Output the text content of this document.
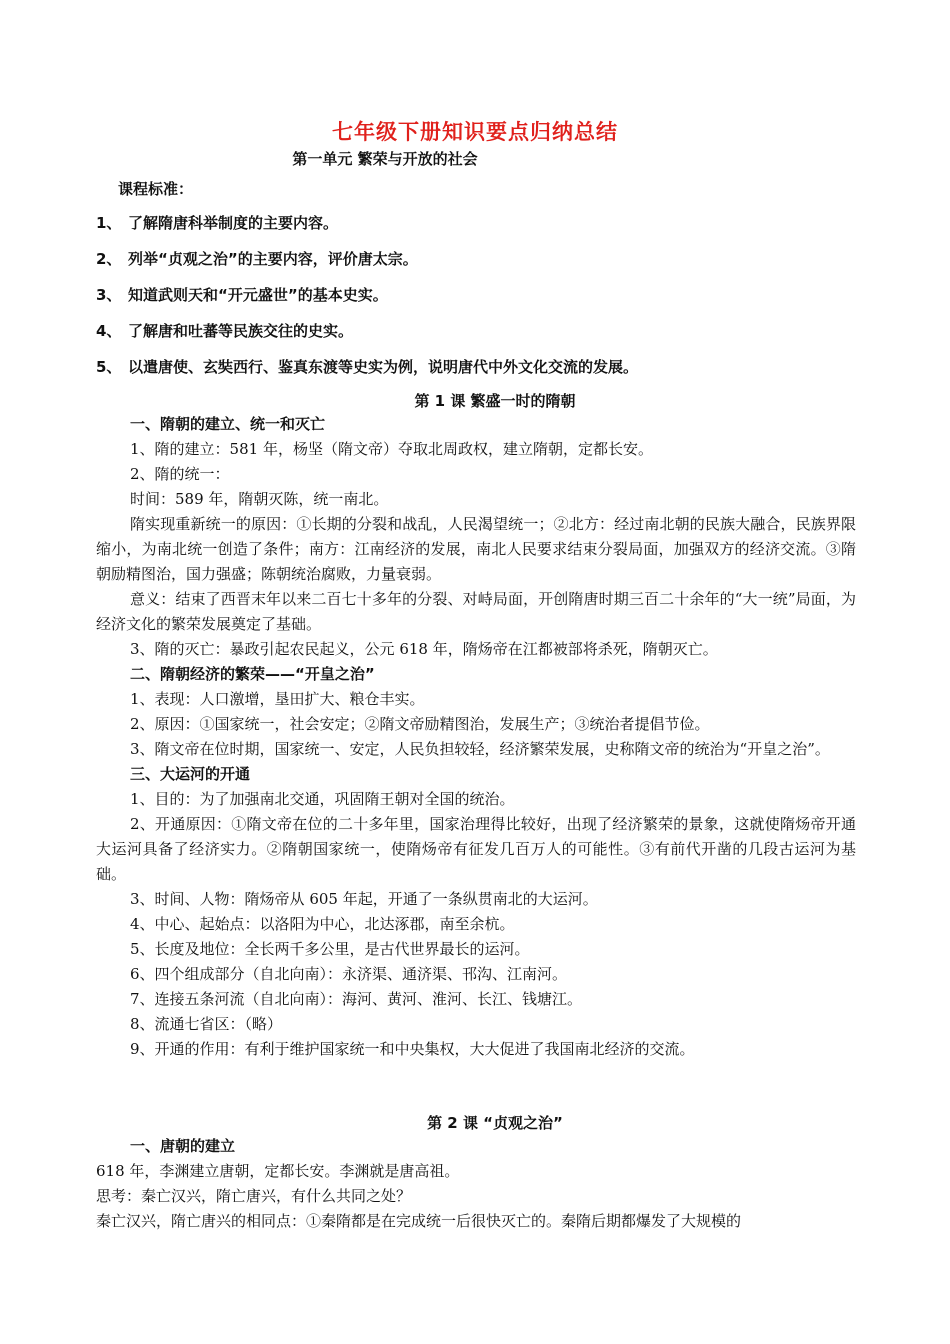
七年级下册知识要点归纳总结
第一单元 繁荣与开放的社会
课程标准：
1、 了解隋唐科举制度的主要内容。
2、 列举“贞观之治”的主要内容，评价唐太宗。
3、 知道武则天和“开元盛世”的基本史实。
4、 了解唐和吐蕃等民族交往的史实。
5、 以遣唐使、玄奘西行、鉴真东渡等史实为例，说明唐代中外文化交流的发展。
第 1 课 繁盛一时的隋朝

一、隋朝的建立、统一和灭亡

1、隋的建立：581 年，杨坚（隋文帝）夺取北周政权，建立隋朝，定都长安。

2、隋的统一：

时间：589 年，隋朝灭陈，统一南北。

隋实现重新统一的原因：①长期的分裂和战乱，人民渴望统一；②北方：经过南北朝的民族大融合，民族界限缩小，为南北统一创造了条件；南方：江南经济的发展，南北人民要求结束分裂局面，加强双方的经济交流。③隋朝励精图治，国力强盛；陈朝统治腐败，力量衰弱。

意义：结束了西晋末年以来二百七十多年的分裂、对峙局面，开创隋唐时期三百二十余年的“大一统”局面，为经济文化的繁荣发展奠定了基础。

3、隋的灭亡：暴政引起农民起义，公元 618 年，隋炀帝在江都被部将杀死，隋朝灭亡。

二、隋朝经济的繁荣——“开皇之治”

1、表现：人口激增，垦田扩大、粮仓丰实。

2、原因：①国家统一，社会安定；②隋文帝励精图治，发展生产；③统治者提倡节俭。

3、隋文帝在位时期，国家统一、安定，人民负担较轻，经济繁荣发展，史称隋文帝的统治为“开皇之治”。

三、大运河的开通

1、目的：为了加强南北交通，巩固隋王朝对全国的统治。

2、开通原因：①隋文帝在位的二十多年里，国家治理得比较好，出现了经济繁荣的景象，这就使隋炀帝开通大运河具备了经济实力。②隋朝国家统一，使隋炀帝有征发几百万人的可能性。③有前代开凿的几段古运河为基础。

3、时间、人物：隋炀帝从 605 年起，开通了一条纵贯南北的大运河。

4、中心、起始点：以洛阳为中心，北达涿郡，南至余杭。

5、长度及地位：全长两千多公里，是古代世界最长的运河。

6、四个组成部分（自北向南）：永济渠、通济渠、邗沟、江南河。

7、连接五条河流（自北向南）：海河、黄河、淮河、长江、钱塘江。

8、流通七省区：（略）

9、开通的作用：有利于维护国家统一和中央集权，大大促进了我国南北经济的交流。

第 2 课 “贞观之治”

一、唐朝的建立

618 年，李渊建立唐朝，定都长安。李渊就是唐高祖。

思考：秦亡汉兴，隋亡唐兴，有什么共同之处？

秦亡汉兴，隋亡唐兴的相同点：①秦隋都是在完成统一后很快灭亡的。秦隋后期都爆发了大规模的
